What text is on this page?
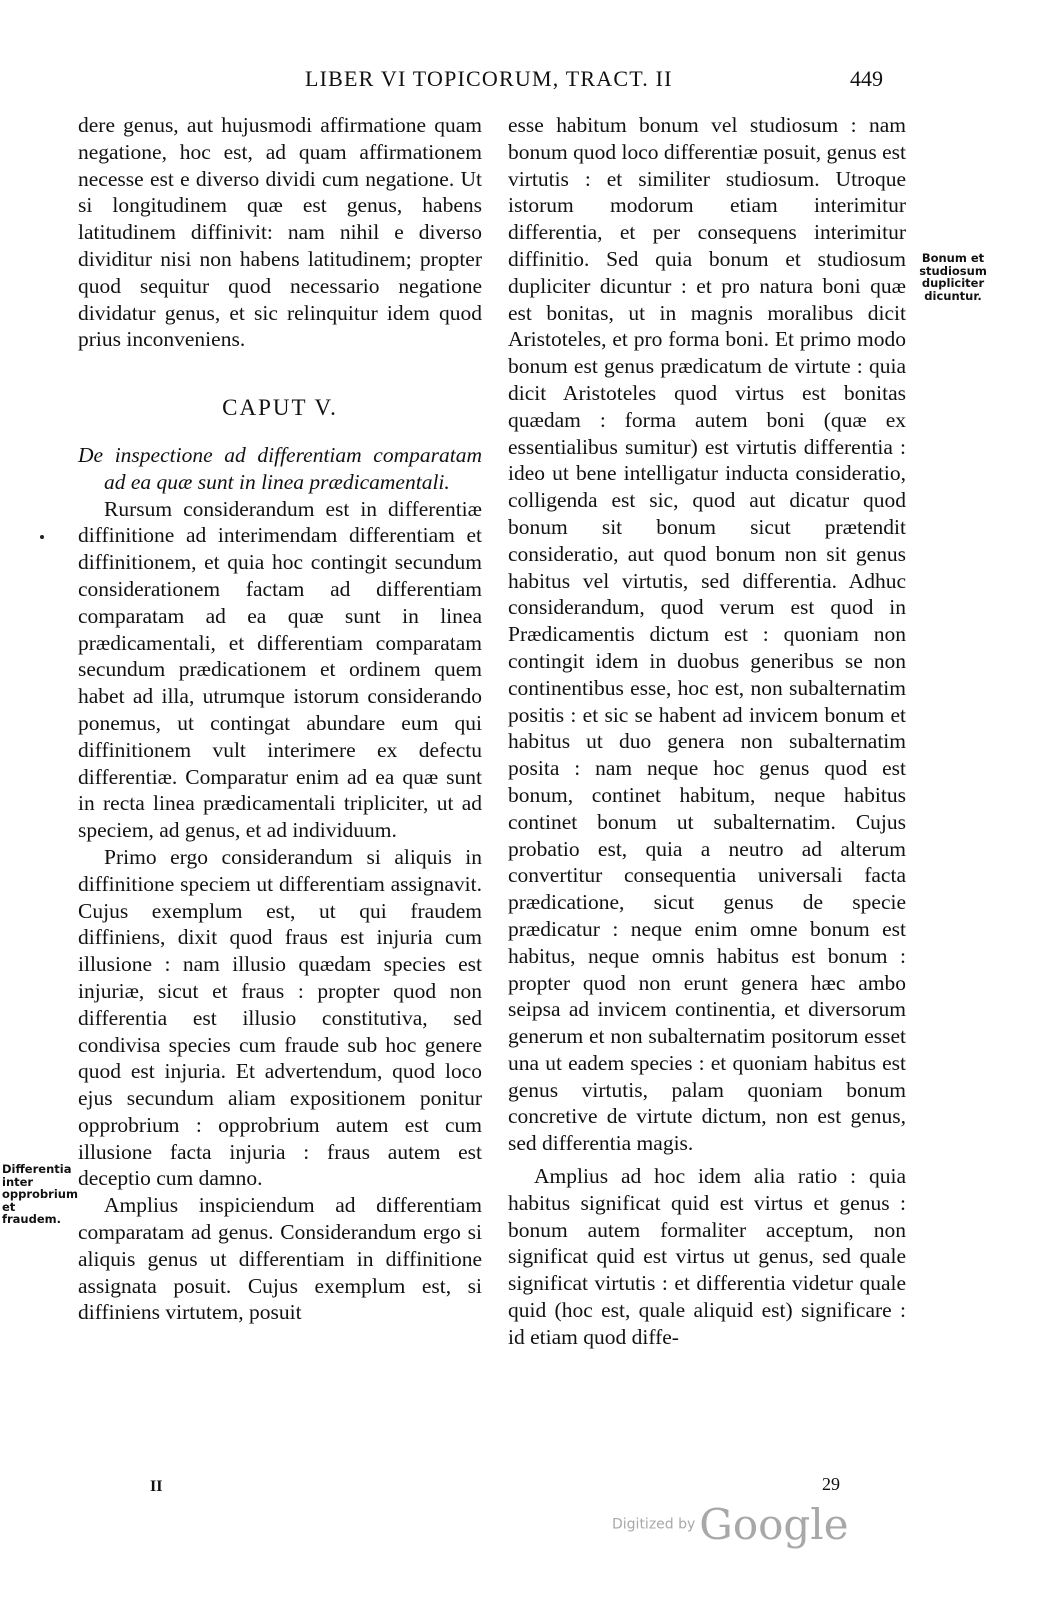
LIBER VI TOPICORUM, TRACT. II	449

dere genus, aut hujusmodi affirmatione quam negatione, hoc est, ad quam affirmationem necesse est e diverso dividi cum negatione. Ut si longitudinem quæ est genus, habens latitudinem diffinivit: nam nihil e diverso dividitur nisi non habens latitudinem; propter quod sequitur quod necessario negatione dividatur genus, et sic relinquitur idem quod prius inconveniens.

CAPUT V.

De inspectione ad differentiam comparatam ad ea quæ sunt in linea prædicamentali.

Rursum considerandum est in differentiæ diffinitione ad interimendam differentiam et diffinitionem, et quia hoc contingit secundum considerationem factam ad differentiam comparatam ad ea quæ sunt in linea prædicamentali, et differentiam comparatam secundum prædicationem et ordinem quem habet ad illa, utrumque istorum considerando ponemus, ut contingat abundare eum qui diffinitionem vult interimere ex defectu differentiæ. Comparatur enim ad ea quæ sunt in recta linea prædicamentali tripliciter, ut ad speciem, ad genus, et ad individuum.

Primo ergo considerandum si aliquis in diffinitione speciem ut differentiam assignavit. Cujus exemplum est, ut qui fraudem diffiniens, dixit quod fraus est injuria cum illusione : nam illusio quædam species est injuriæ, sicut et fraus : propter quod non differentia est illusio constitutiva, sed condivisa species cum fraude sub hoc genere quod est injuria. Et advertendum, quod loco ejus secundum aliam expositionem ponitur opprobrium : opprobrium autem est cum illusione facta injuria : fraus autem est deceptio cum damno.

Amplius inspiciendum ad differentiam comparatam ad genus. Considerandum ergo si aliquis genus ut differentiam in diffinitione assignata posuit. Cujus exemplum est, si diffiniens virtutem, posuit

esse habitum bonum vel studiosum : nam bonum quod loco differentiæ posuit, genus est virtutis : et similiter studiosum. Utroque istorum modorum etiam interimitur differentia, et per consequens interimitur diffinitio. Sed quia bonum et studiosum dupliciter dicuntur : et pro natura boni quæ est bonitas, ut in magnis moralibus dicit Aristoteles, et pro forma boni. Et primo modo bonum est genus prædicatum de virtute : quia dicit Aristoteles quod virtus est bonitas quædam : forma autem boni (quæ ex essentialibus sumitur) est virtutis differentia : ideo ut bene intelligatur inducta consideratio, colligenda est sic, quod aut dicatur quod bonum sit bonum sicut prætendit consideratio, aut quod bonum non sit genus habitus vel virtutis, sed differentia. Adhuc considerandum, quod verum est quod in Prædicamentis dictum est : quoniam non contingit idem in duobus generibus se non continentibus esse, hoc est, non subalternatim positis : et sic se habent ad invicem bonum et habitus ut duo genera non subalternatim posita : nam neque hoc genus quod est bonum, continet habitum, neque habitus continet bonum ut subalternatim. Cujus probatio est, quia a neutro ad alterum convertitur consequentia universali facta prædicatione, sicut genus de specie prædicatur : neque enim omne bonum est habitus, neque omnis habitus est bonum : propter quod non erunt genera hæc ambo seipsa ad invicem continentia, et diversorum generum et non subalternatim positorum esset una ut eadem species : et quoniam habitus est genus virtutis, palam quoniam bonum concretive de virtute dictum, non est genus, sed differentia magis.

Amplius ad hoc idem alia ratio : quia habitus significat quid est virtus et genus : bonum autem formaliter acceptum, non significat quid est virtus ut genus, sed quale significat virtutis : et differentia videtur quale quid (hoc est, quale aliquid est) significare : id etiam quod diffe-

Bonum et studiosum dupliciter dicuntur.
Differentia inter opprobrium et fraudem.
II	29
Digitized by Google
